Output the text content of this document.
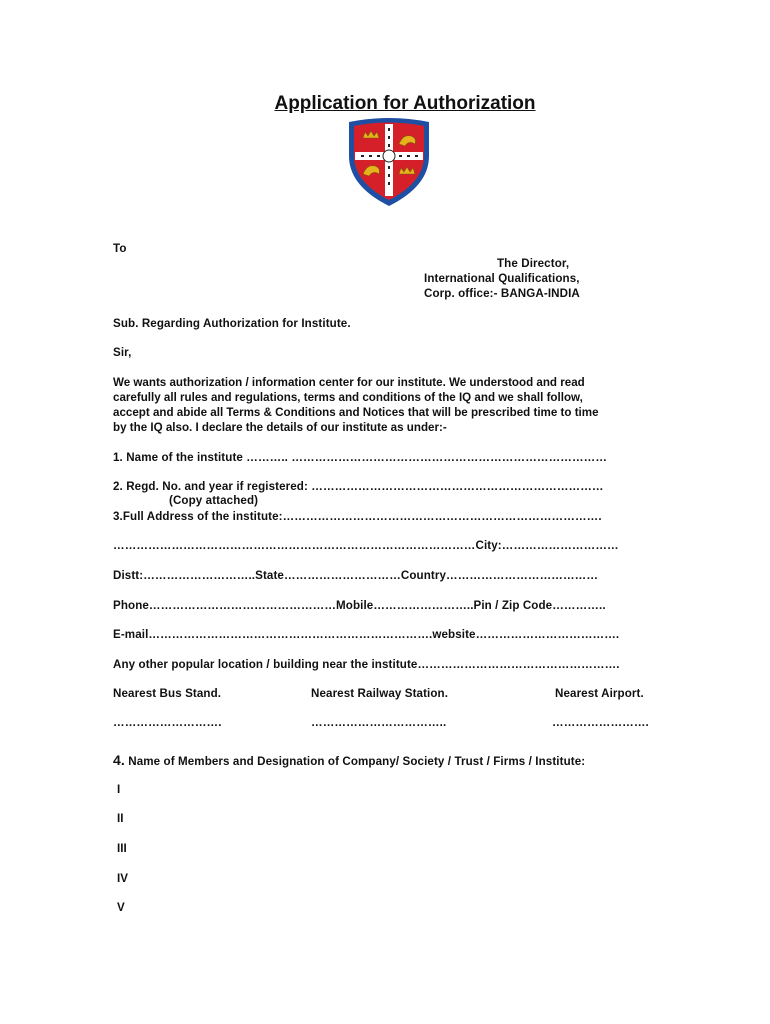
Application for Authorization
To
The Director,
International Qualifications,
Corp. office:- BANGA-INDIA
Sub. Regarding Authorization for Institute.
Sir,
We wants authorization / information center for our institute. We understood and read
carefully all rules and regulations, terms and conditions of the IQ and we shall follow,
accept and abide all Terms & Conditions and Notices that will be prescribed time to time
by the IQ also. I declare the details of our institute as under:-
1. Name of the institute ……….. ………………………………………………………………………
2. Regd. No. and year if registered: …………………………………………………………………
(Copy attached)
3.Full Address of the institute:……………………………………………………………………….
…………………………………………………………………………………City:…………………………
Distt:………………………..State…………………………Country…………………………………
Phone…………………………………………Mobile……………………..Pin / Zip Code…………..
E-mail……………………………………………………………….website……………………………….
Any other popular location / building near the institute…………………………………………….
Nearest Bus Stand.	Nearest Railway Station.	Nearest Airport.
……………………….	……………………………..	…………………….
4. Name of Members and Designation of Company/ Society / Trust / Firms / Institute:
I
II
III
IV
V
